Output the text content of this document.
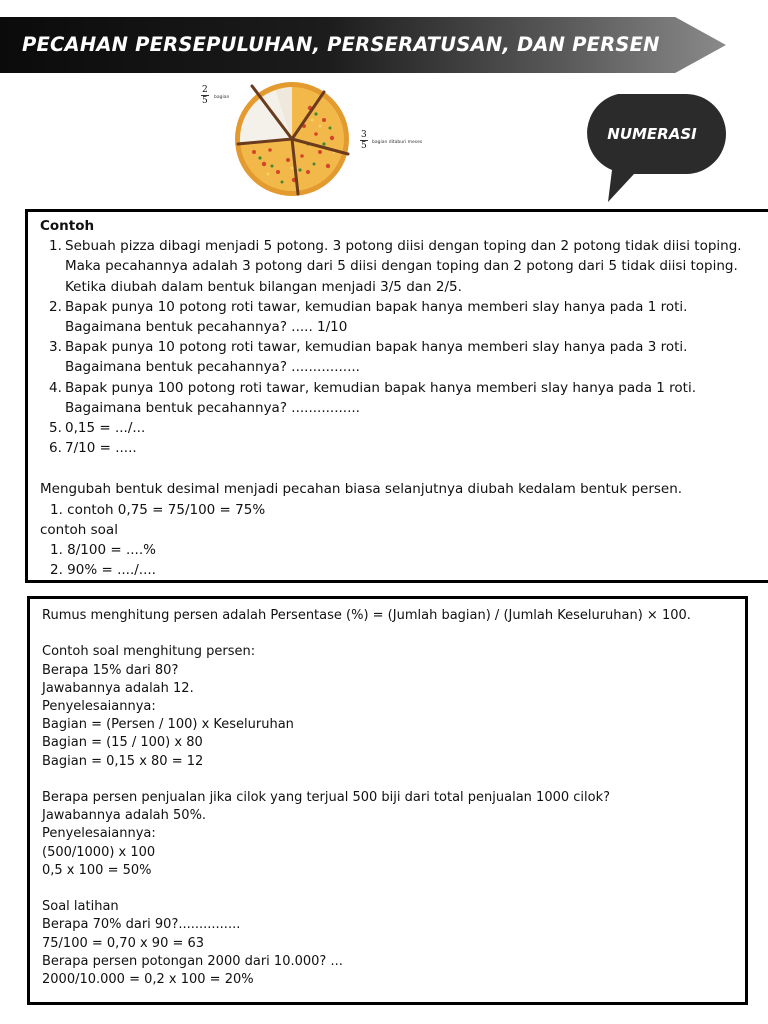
PECAHAN PERSEPULUHAN, PERSERATUSAN, DAN PERSEN
$\frac{2}{5}$ bagian
$\frac{3}{5}$ bagian ditaburi meses	NUMERASI
Contoh
1. Sebuah pizza dibagi menjadi 5 potong. 3 potong diisi dengan toping dan 2 potong tidak diisi toping. Maka pecahannya adalah 3 potong dari 5 diisi dengan toping dan 2 potong dari 5 tidak diisi toping. Ketika diubah dalam bentuk bilangan menjadi 3/5 dan 2/5.
2. Bapak punya 10 potong roti tawar, kemudian bapak hanya memberi slay hanya pada 1 roti. Bagaimana bentuk pecahannya? ..... 1/10
3. Bapak punya 10 potong roti tawar, kemudian bapak hanya memberi slay hanya pada 3 roti. Bagaimana bentuk pecahannya? ................
4. Bapak punya 100 potong roti tawar, kemudian bapak hanya memberi slay hanya pada 1 roti. Bagaimana bentuk pecahannya? ................
5. 0,15 = .../...
6. 7/10 = .....
Mengubah bentuk desimal menjadi pecahan biasa selanjutnya diubah kedalam bentuk persen.
1. contoh 0,75 = 75/100 = 75%
contoh soal
1. 8/100 = ....%
2. 90% = ..../....
Rumus menghitung persen adalah Persentase (%) = (Jumlah bagian) / (Jumlah Keseluruhan) × 100.
Contoh soal menghitung persen:
Berapa 15% dari 80?
Jawabannya adalah 12.
Penyelesaiannya:
Bagian = (Persen / 100) x Keseluruhan
Bagian = (15 / 100) x 80
Bagian = 0,15 x 80 = 12
Berapa persen penjualan jika cilok yang terjual 500 biji dari total penjualan 1000 cilok?
Jawabannya adalah 50%.
Penyelesaiannya:
(500/1000) x 100
0,5 x 100 = 50%
Soal latihan
Berapa 70% dari 90?...............
75/100 = 0,70 x 90 = 63
Berapa persen potongan 2000 dari 10.000? ...
2000/10.000 = 0,2 x 100 = 20%
